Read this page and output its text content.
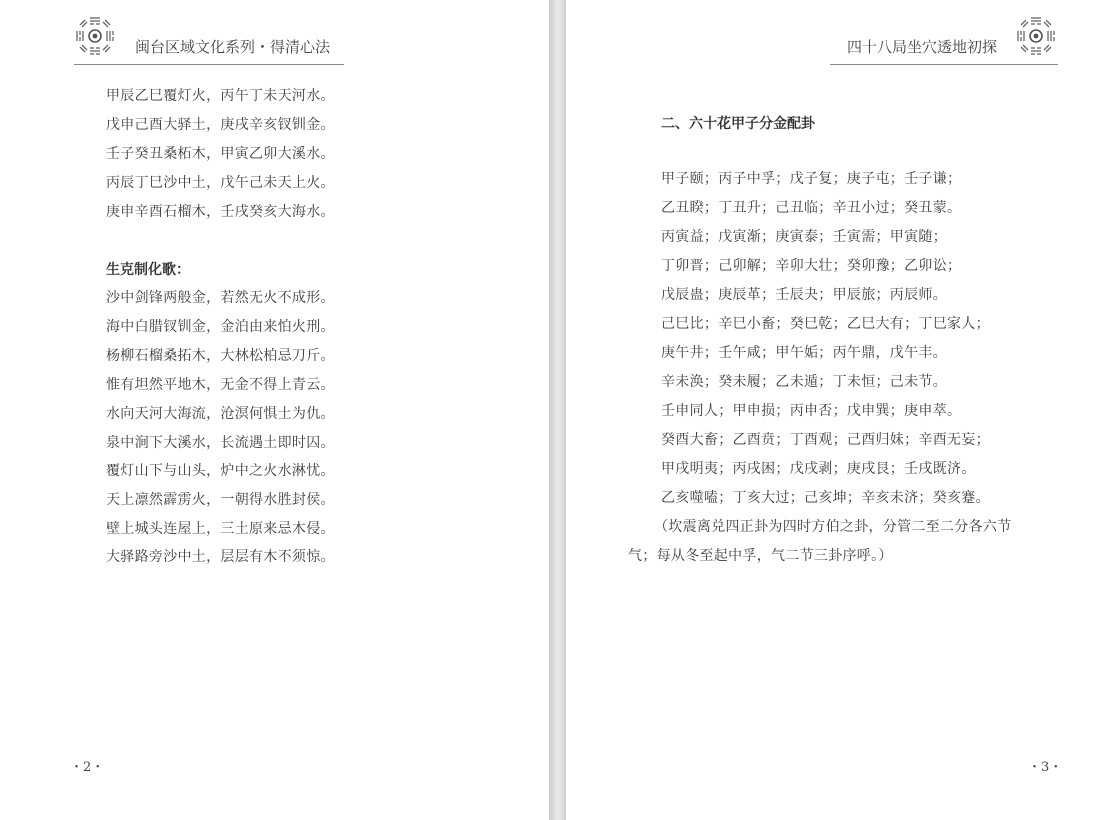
闽台区域文化系列・得清心法
甲辰乙巳覆灯火，丙午丁未天河水。
戊申己酉大驿土，庚戌辛亥钗钏金。
壬子癸丑桑柘木，甲寅乙卯大溪水。
丙辰丁巳沙中土，戊午己未天上火。
庚申辛酉石榴木，壬戌癸亥大海水。
生克制化歌：
沙中剑锋两般金，若然无火不成形。
海中白腊钗钏金，金泊由来怕火刑。
杨柳石榴桑拓木，大林松柏忌刀斤。
惟有坦然平地木，无金不得上青云。
水向天河大海流，沧溟何惧土为仇。
泉中涧下大溪水，长流遇土即时囚。
覆灯山下与山头，炉中之火水淋忧。
天上凛然霹雳火，一朝得水胜封侯。
壁上城头连屋上，三土原来忌木侵。
大驿路旁沙中土，层层有木不须惊。
・2・
四十八局坐穴透地初探
二、六十花甲子分金配卦
甲子颐；丙子中孚；戊子复；庚子屯；壬子谦；
乙丑睽；丁丑升；己丑临；辛丑小过；癸丑蒙。
丙寅益；戊寅渐；庚寅泰；壬寅需；甲寅随；
丁卯晋；己卯解；辛卯大壮；癸卯豫；乙卯讼；
戊辰蛊；庚辰革；壬辰夬；甲辰旅；丙辰师。
己巳比；辛巳小畜；癸巳乾；乙巳大有；丁巳家人；
庚午井；壬午咸；甲午姤；丙午鼎，戊午丰。
辛未涣；癸未履；乙未遁；丁未恒；己未节。
壬申同人；甲申损；丙申否；戊申巽；庚申萃。
癸酉大畜；乙酉贲；丁酉观；己酉归妹；辛酉无妄；
甲戌明夷；丙戌困；戊戌剥；庚戌艮；壬戌既济。
乙亥噬嗑；丁亥大过；己亥坤；辛亥未济；癸亥蹇。
（坎震离兑四正卦为四时方伯之卦，分管二至二分各六节
气；每从冬至起中孚，气二节三卦序呼。）
・3・
